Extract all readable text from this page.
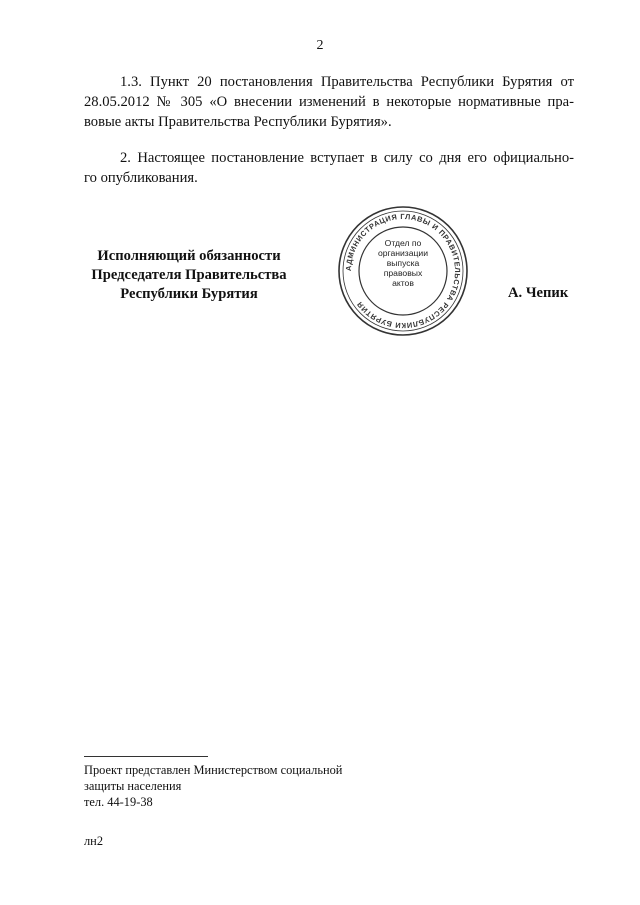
2

1.3. Пункт 20 постановления Правительства Республики Бурятия от
28.05.2012 № 305 «О внесении изменений в некоторые нормативные пра-
вовые акты Правительства Республики Бурятия».

2. Настоящее постановление вступает в силу со дня его официально-
го опубликования.

Исполняющий обязанности
Председателя Правительства
Республики Бурятия
АДМИНИСТРАЦИЯ ГЛАВЫ И ПРАВИТЕЛЬСТВА РЕСПУБЛИКИ БУРЯТИЯ
Отдел по
организации
выпуска
правовых
актов
А. Чепик
Проект представлен Министерством социальной
защиты населения
тел. 44-19-38
лн2
